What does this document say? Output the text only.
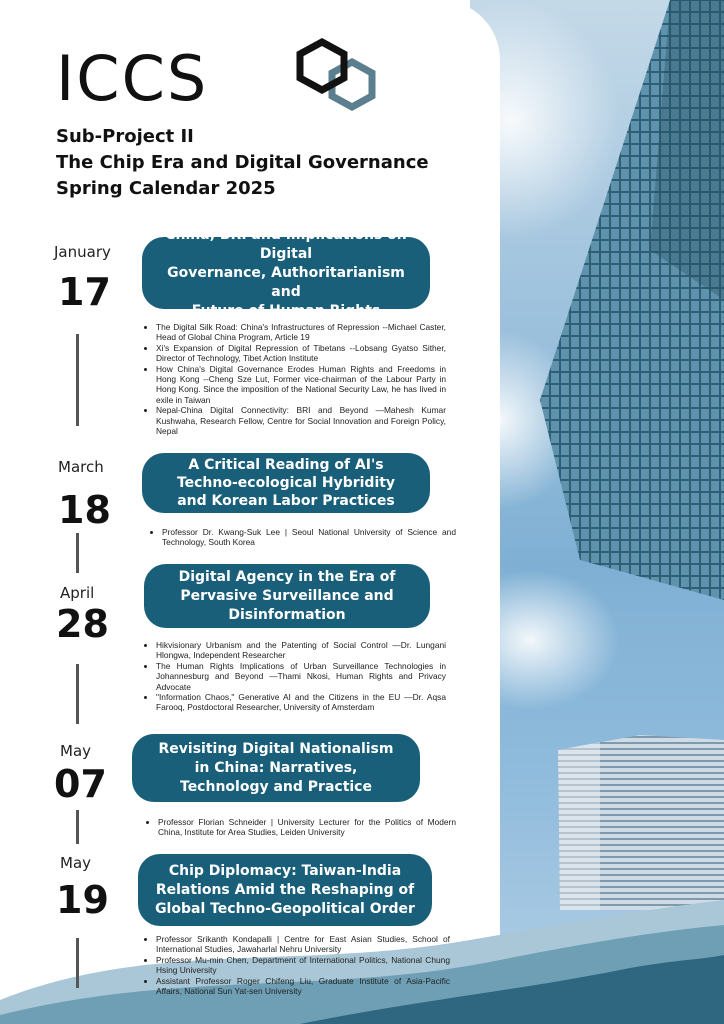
ICCS
Sub-Project II
The Chip Era and Digital Governance
Spring Calendar 2025
January
17
China, BRI and Implications on Digital
Governance, Authoritarianism and
Future of Human Rights
• The Digital Silk Road: China's Infrastructures of Repression --Michael Caster, Head of Global China Program, Article 19
• Xi's Expansion of Digital Repression of Tibetans --Lobsang Gyatso Sither, Director of Technology, Tibet Action Institute
• How China's Digital Governance Erodes Human Rights and Freedoms in Hong Kong --Cheng Sze Lut, Former vice-chairman of the Labour Party in Hong Kong. Since the imposition of the National Security Law, he has lived in exile in Taiwan
• Nepal-China Digital Connectivity: BRI and Beyond —Mahesh Kumar Kushwaha, Research Fellow, Centre for Social Innovation and Foreign Policy, Nepal
March
18
A Critical Reading of AI's
Techno-ecological Hybridity
and Korean Labor Practices
• Professor Dr. Kwang-Suk Lee | Seoul National University of Science and Technology, South Korea
April
28
Digital Agency in the Era of
Pervasive Surveillance and
Disinformation
• Hikvisionary Urbanism and the Patenting of Social Control —Dr. Lungani Hlongwa, Independent Researcher
• The Human Rights Implications of Urban Surveillance Technologies in Johannesburg and Beyond —Thami Nkosi, Human Rights and Privacy Advocate
• "Information Chaos," Generative AI and the Citizens in the EU —Dr. Aqsa Farooq, Postdoctoral Researcher, University of Amsterdam
May
07
Revisiting Digital Nationalism
in China: Narratives,
Technology and Practice
• Professor Florian Schneider | University Lecturer for the Politics of Modern China, Institute for Area Studies, Leiden University
May
19
Chip Diplomacy: Taiwan-India
Relations Amid the Reshaping of
Global Techno-Geopolitical Order
• Professor Srikanth Kondapalli | Centre for East Asian Studies, School of International Studies, Jawaharlal Nehru University
• Professor Mu-min Chen, Department of International Politics, National Chung Hsing University
• Assistant Professor Roger Chifeng Liu, Graduate Institute of Asia-Pacific Affairs, National Sun Yat-sen University
